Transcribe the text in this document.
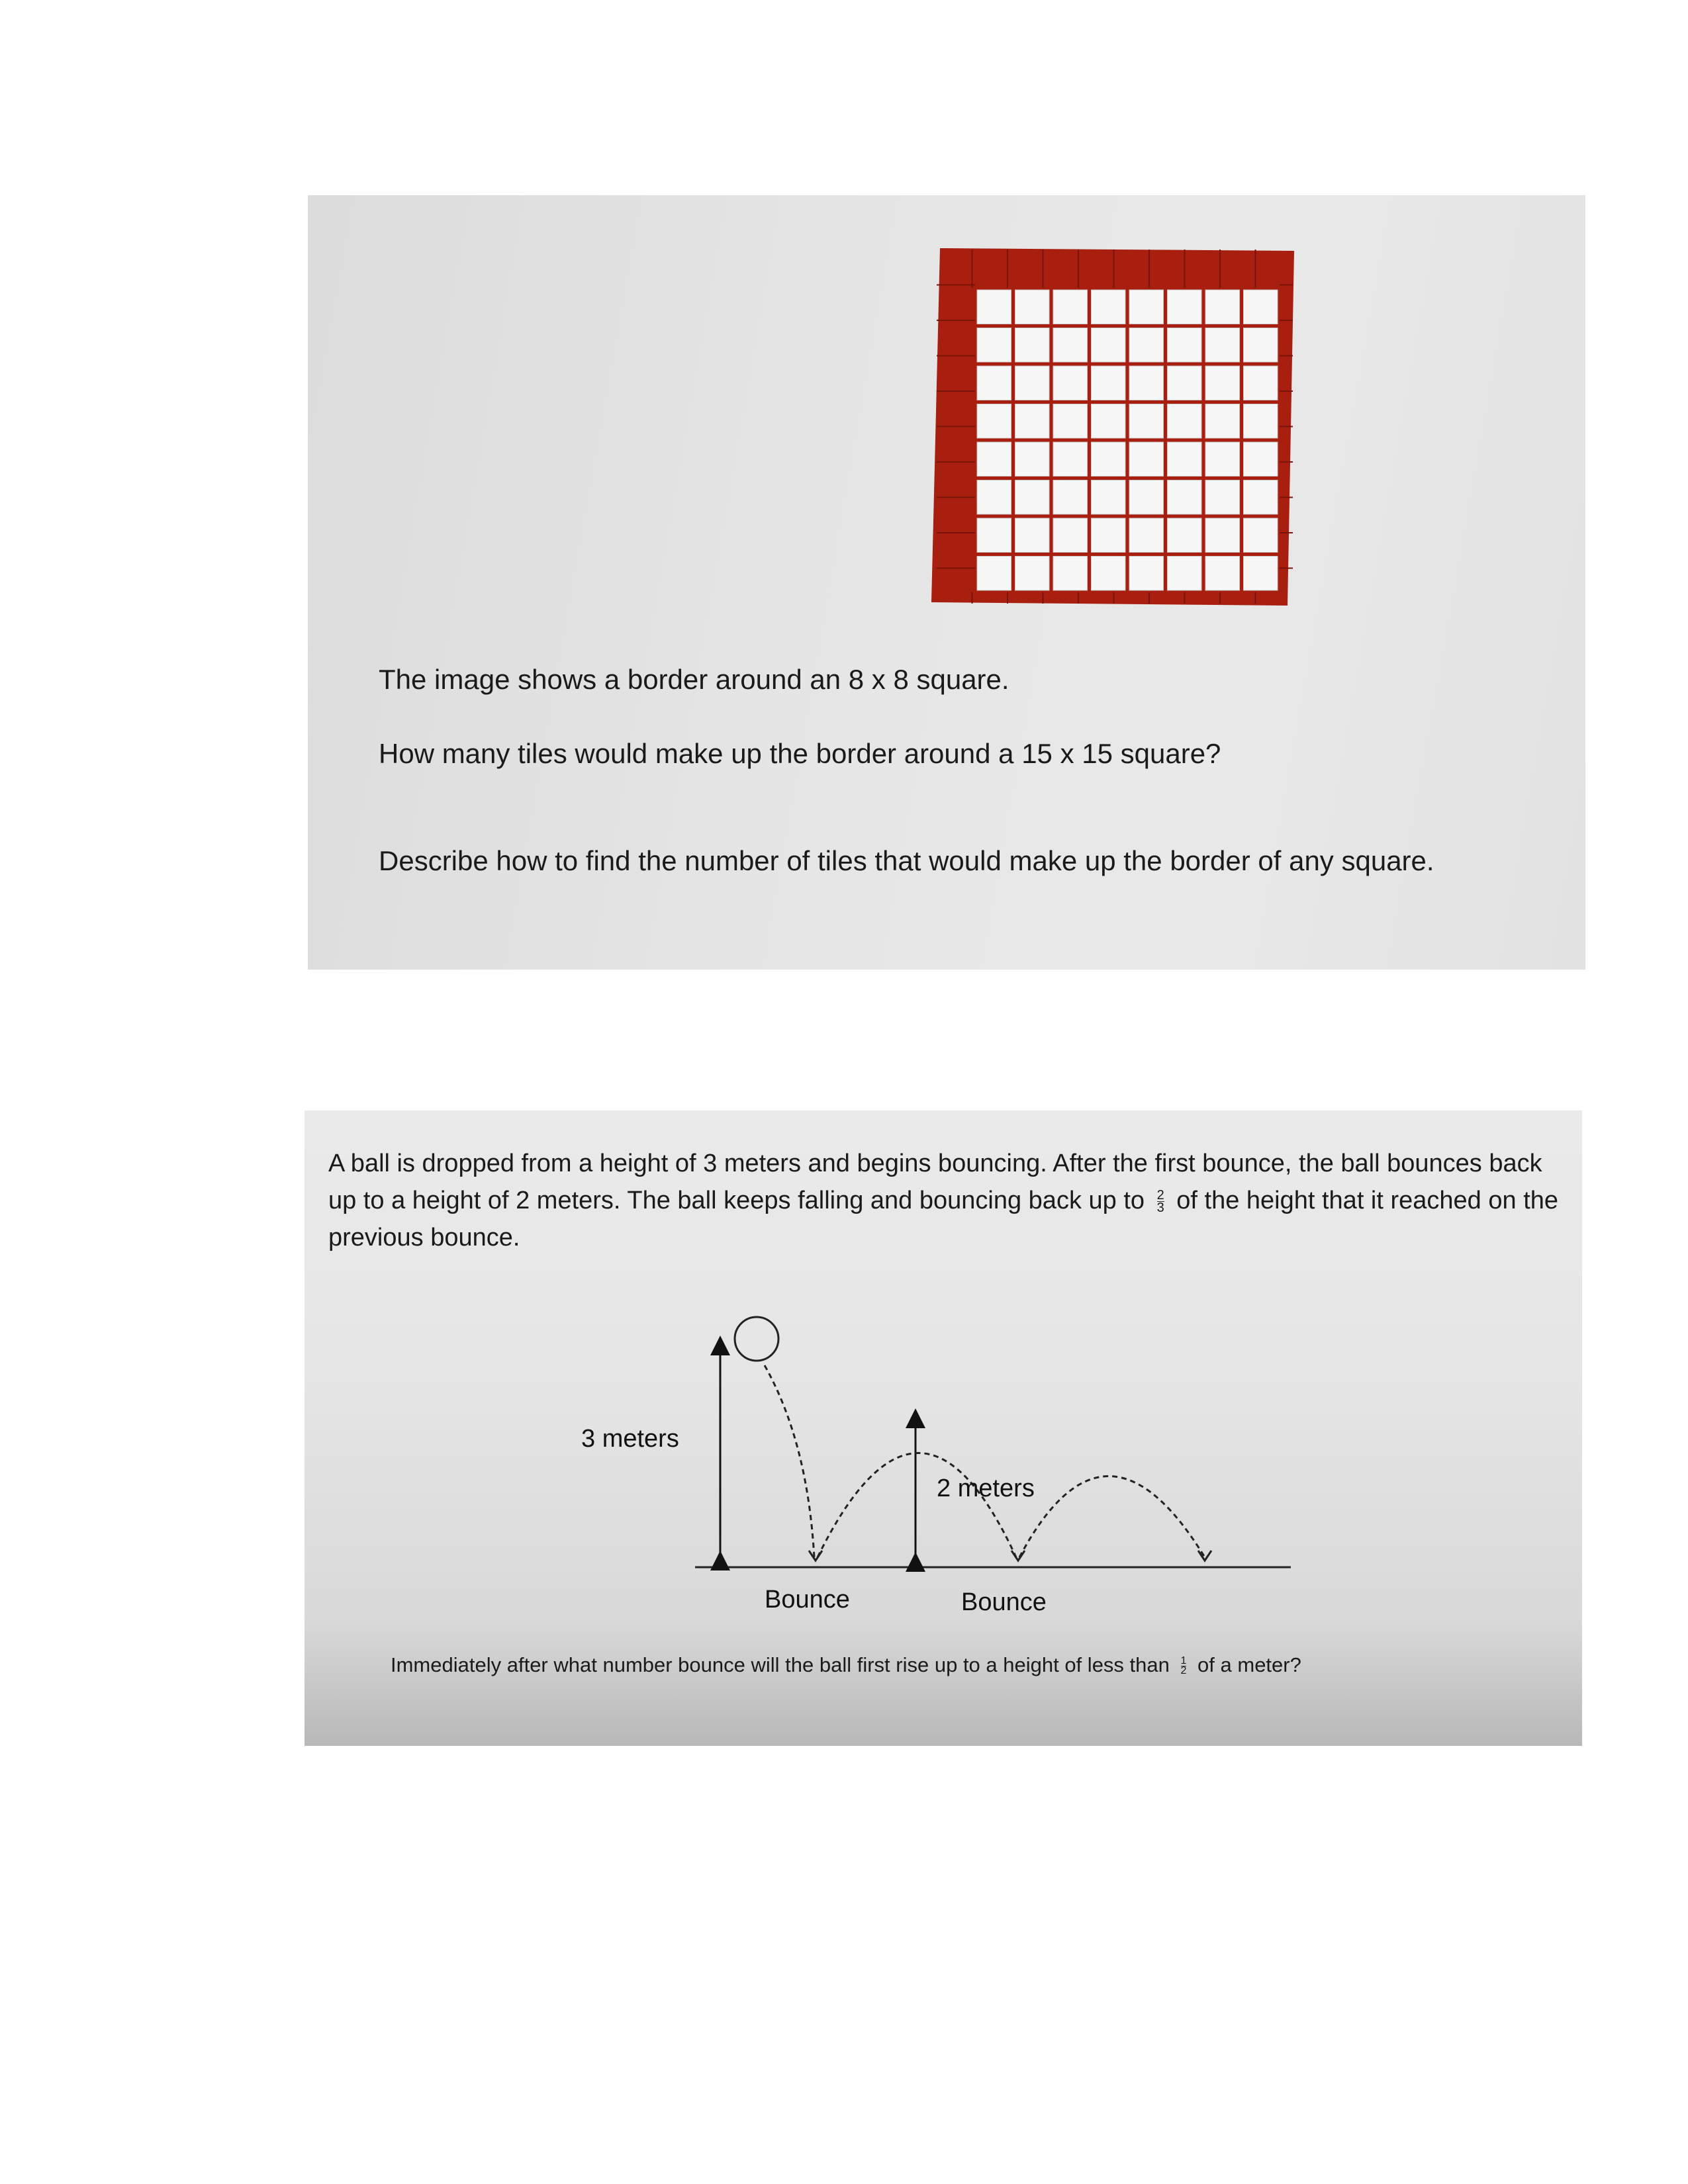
The image shows a border around an 8 x 8 square.
How many tiles would make up the border around a 15 x 15 square?
Describe how to find the number of tiles that would make up the border of any square.
A ball is dropped from a height of 3 meters and begins bouncing. After the first bounce, the ball bounces back up to a height of 2 meters. The ball keeps falling and bouncing back up to $\frac{2}{3}$ of the height that it reached on the previous bounce.
3 meters
2 meters
Bounce	Bounce
Immediately after what number bounce will the ball first rise up to a height of less than $\frac{1}{2}$ of a meter?
